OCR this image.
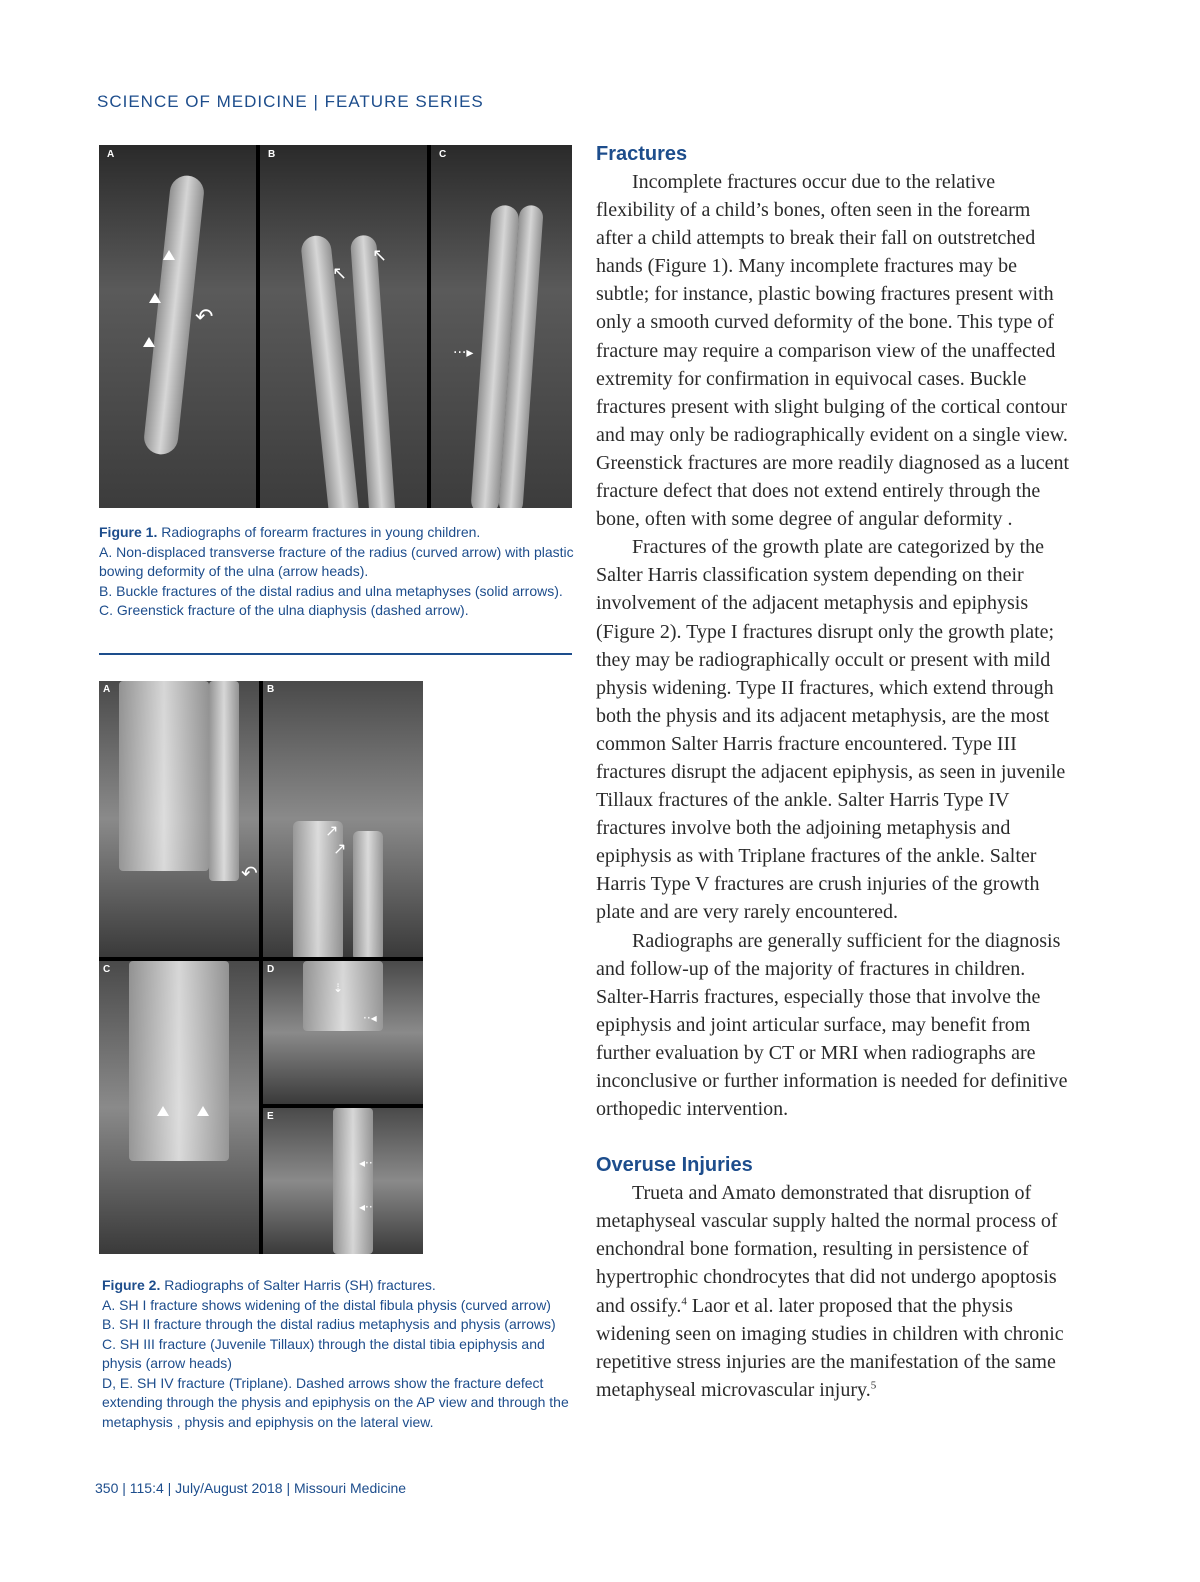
SCIENCE OF MEDICINE | FEATURE SERIES
A
↶
B
↖
↖
C
···▸
Figure 1. Radiographs of forearm fractures in young children.
A. Non-displaced transverse fracture of the radius (curved arrow) with plastic bowing deformity of the ulna (arrow heads).
B. Buckle fractures of the distal radius and ulna metaphyses (solid arrows).
C. Greenstick fracture of the ulna diaphysis (dashed arrow).
A
↶
B
↗
↗
C	D
⇣
··◂
E
◂··
◂··
Figure 2. Radiographs of Salter Harris (SH) fractures.
A. SH I fracture shows widening of the distal fibula physis (curved arrow)
B. SH II fracture through the distal radius metaphysis and physis (arrows)
C. SH III fracture (Juvenile Tillaux) through the distal tibia epiphysis and physis (arrow heads)
D, E. SH IV fracture (Triplane). Dashed arrows show the fracture defect extending through the physis and epiphysis on the AP view and through the metaphysis , physis and epiphysis on the lateral view.
Fractures

Incomplete fractures occur due to the relative flexibility of a child’s bones, often seen in the forearm after a child attempts to break their fall on outstretched hands (Figure 1). Many incomplete fractures may be subtle; for instance, plastic bowing fractures present with only a smooth curved deformity of the bone. This type of fracture may require a comparison view of the unaffected extremity for confirmation in equivocal cases. Buckle fractures present with slight bulging of the cortical contour and may only be radiographically evident on a single view. Greenstick fractures are more readily diagnosed as a lucent fracture defect that does not extend entirely through the bone, often with some degree of angular deformity .

Fractures of the growth plate are categorized by the Salter Harris classification system depending on their involvement of the adjacent metaphysis and epiphysis (Figure 2). Type I fractures disrupt only the growth plate; they may be radiographically occult or present with mild physis widening. Type II fractures, which extend through both the physis and its adjacent metaphysis, are the most common Salter Harris fracture encountered. Type III fractures disrupt the adjacent epiphysis, as seen in juvenile Tillaux fractures of the ankle. Salter Harris Type IV fractures involve both the adjoining metaphysis and epiphysis as with Triplane fractures of the ankle. Salter Harris Type V fractures are crush injuries of the growth plate and are very rarely encountered.

Radiographs are generally sufficient for the diagnosis and follow-up of the majority of fractures in children. Salter-Harris fractures, especially those that involve the epiphysis and joint articular surface, may benefit from further evaluation by CT or MRI when radiographs are inconclusive or further information is needed for definitive orthopedic intervention.

Overuse Injuries

Trueta and Amato demonstrated that disruption of metaphyseal vascular supply halted the normal process of enchondral bone formation, resulting in persistence of hypertrophic chondrocytes that did not undergo apoptosis and ossify.$^4$ Laor et al. later proposed that the physis widening seen on imaging studies in children with chronic repetitive stress injuries are the manifestation of the same metaphyseal microvascular injury.$^5$

350 | 115:4 | July/August 2018 | Missouri Medicine
